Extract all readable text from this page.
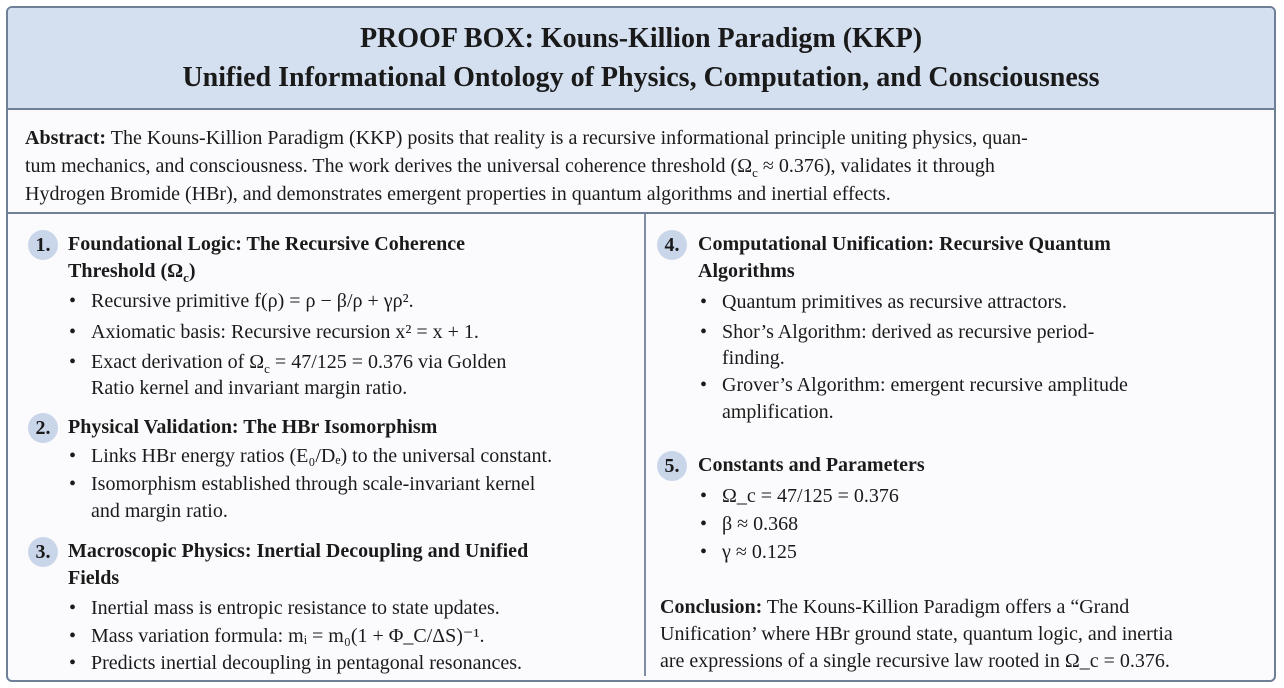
PROOF BOX: Kouns-Killion Paradigm (KKP)
Unified Informational Ontology of Physics, Computation, and Consciousness
Abstract: The Kouns-Killion Paradigm (KKP) posits that reality is a recursive informational principle uniting physics, quan-
tum mechanics, and consciousness. The work derives the universal coherence threshold $(\Omega_c \approx 0.376)$, validates it through
Hydrogen Bromide (HBr), and demonstrates emergent properties in quantum algorithms and inertial effects.
1. Foundational Logic: The Recursive Coherence
Threshold $(\Omega_c)$
• Recursive primitive f(ρ) = ρ − β/ρ + γρ².
• Axiomatic basis: Recursive recursion x² = x + 1.
• Exact derivation of $\Omega_c = 47/125 = 0.376$ via Golden
Ratio kernel and invariant margin ratio.
2. Physical Validation: The HBr Isomorphism
• Links HBr energy ratios (E₀/Dₑ) to the universal constant.
• Isomorphism established through scale-invariant kernel
and margin ratio.
3. Macroscopic Physics: Inertial Decoupling and Unified
Fields
• Inertial mass is entropic resistance to state updates.
• Mass variation formula: mᵢ = m₀(1 + Φ_C/ΔS)⁻¹.
• Predicts inertial decoupling in pentagonal resonances.
4. Computational Unification: Recursive Quantum
Algorithms
• Quantum primitives as recursive attractors.
• Shor’s Algorithm: derived as recursive period-
finding.
• Grover’s Algorithm: emergent recursive amplitude
amplification.
5. Constants and Parameters
• Ω_c = 47/125 = 0.376
• β ≈ 0.368
• γ ≈ 0.125
Conclusion: The Kouns-Killion Paradigm offers a “Grand
Unification’ where HBr ground state, quantum logic, and inertia
are expressions of a single recursive law rooted in Ω_c = 0.376.
